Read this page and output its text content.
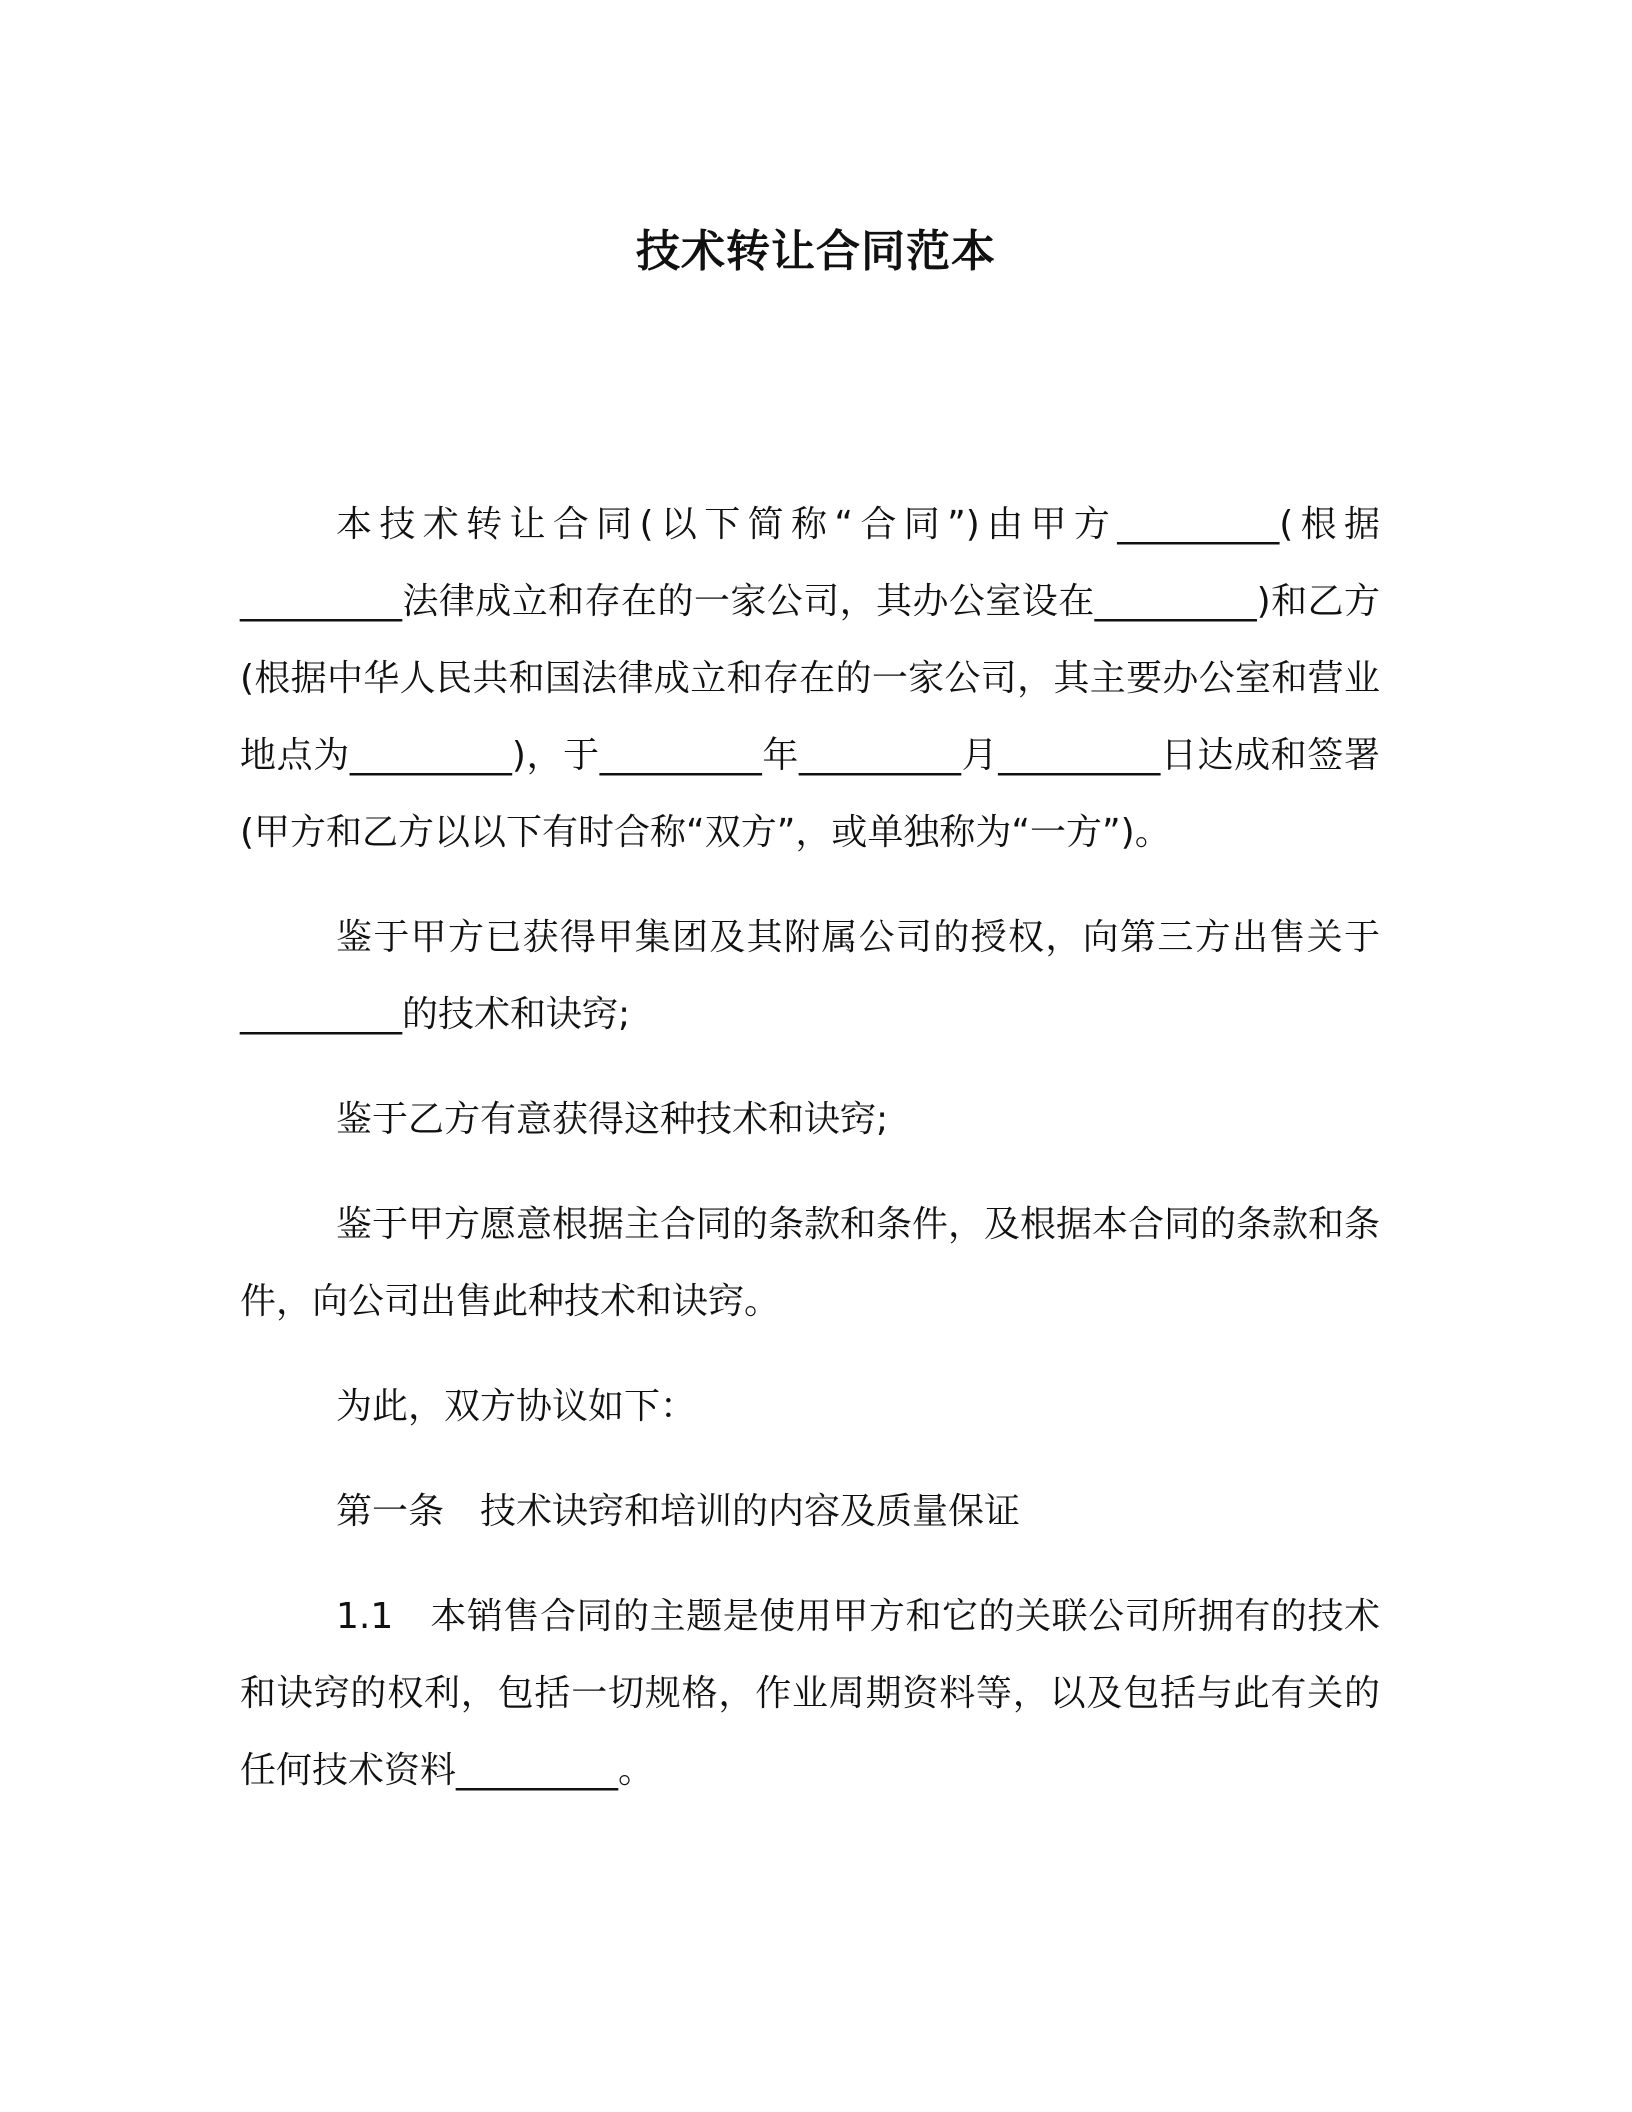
技术转让合同范本

本技术转让合同(以下简称“合同”)由甲方_________(根据_________法律成立和存在的一家公司，其办公室设在_________)和乙方(根据中华人民共和国法律成立和存在的一家公司，其主要办公室和营业地点为_________)，于_________年_________月_________日达成和签署(甲方和乙方以以下有时合称“双方”，或单独称为“一方”)。

鉴于甲方已获得甲集团及其附属公司的授权，向第三方出售关于_________的技术和诀窍;

鉴于乙方有意获得这种技术和诀窍;

鉴于甲方愿意根据主合同的条款和条件，及根据本合同的条款和条件，向公司出售此种技术和诀窍。

为此，双方协议如下：

第一条　技术诀窍和培训的内容及质量保证

1.1　本销售合同的主题是使用甲方和它的关联公司所拥有的技术和诀窍的权利，包括一切规格，作业周期资料等，以及包括与此有关的任何技术资料_________。
